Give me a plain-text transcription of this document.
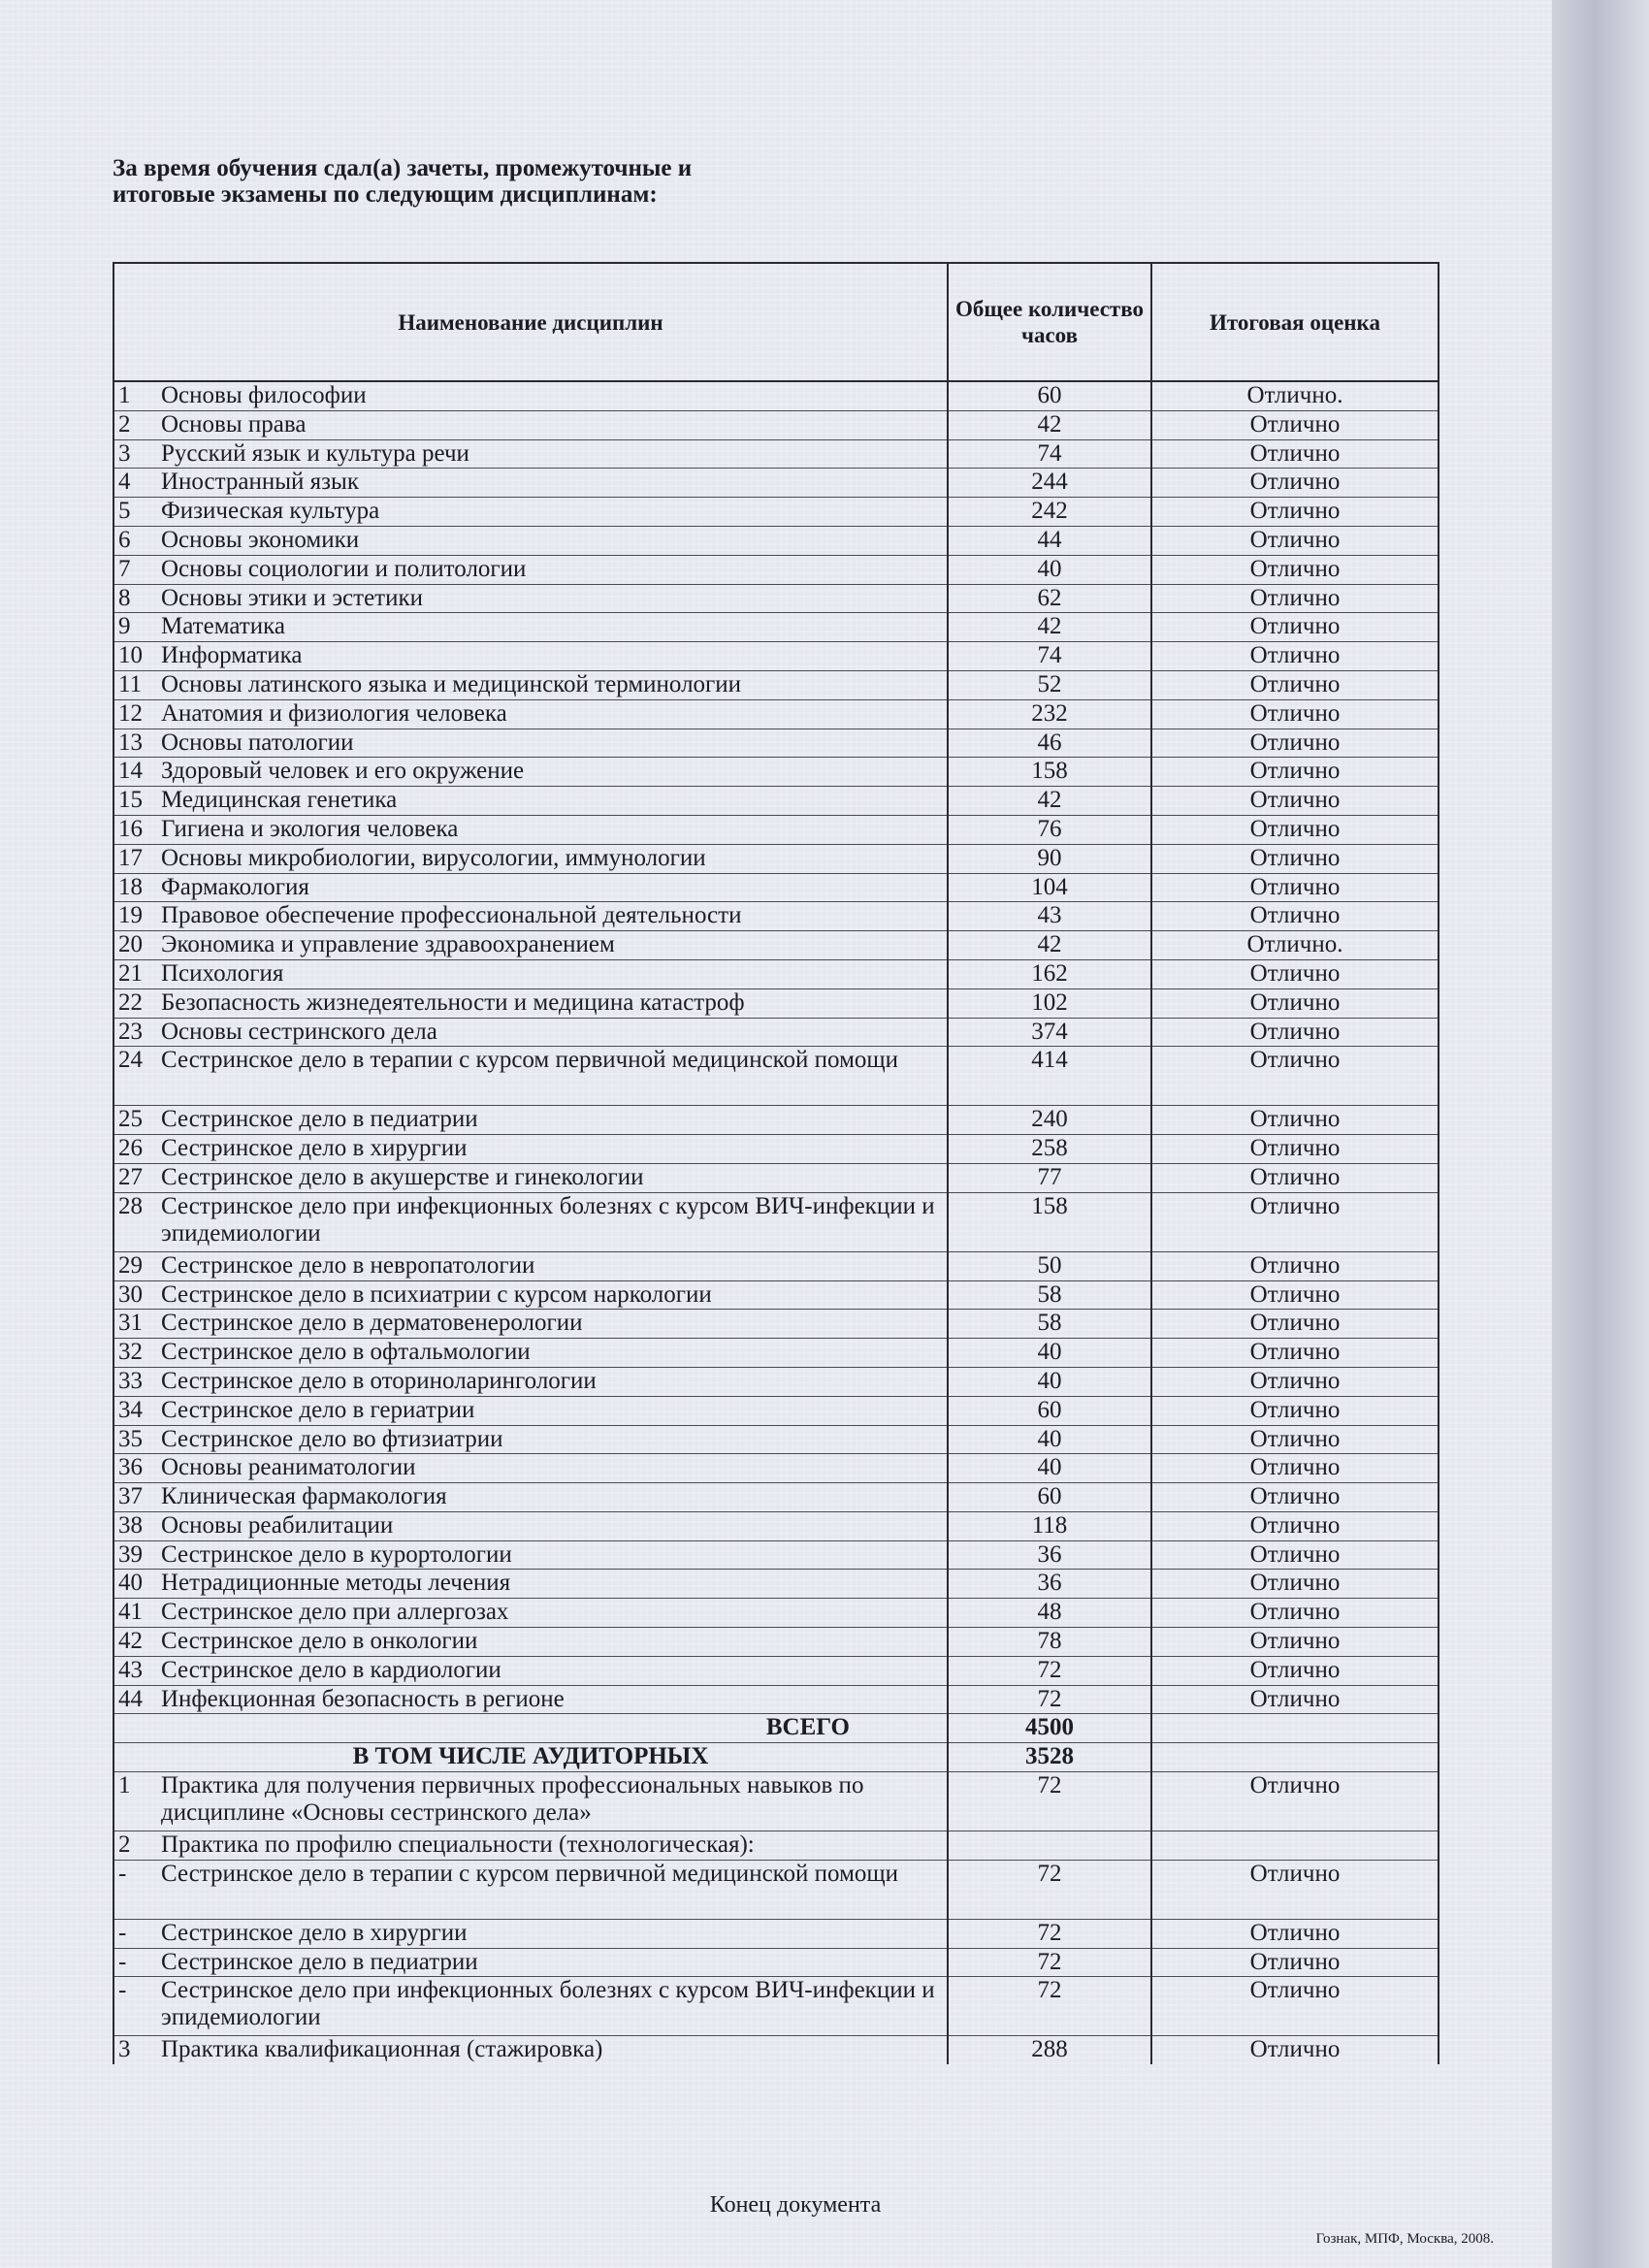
За время обучения сдал(а) зачеты, промежуточные и
итоговые экзамены по следующим дисциплинам:
Наименование дисциплин	Общее количество часов	Итоговая оценка

1 Основы философии	60	Отлично.

2 Основы права	42	Отлично

3 Русский язык и культура речи	74	Отлично

4 Иностранный язык	244	Отлично

5 Физическая культура	242	Отлично

6 Основы экономики	44	Отлично

7 Основы социологии и политологии	40	Отлично

8 Основы этики и эстетики	62	Отлично

9 Математика	42	Отлично

10 Информатика	74	Отлично

11 Основы латинского языка и медицинской терминологии	52	Отлично

12 Анатомия и физиология человека	232	Отлично

13 Основы патологии	46	Отлично

14 Здоровый человек и его окружение	158	Отлично

15 Медицинская генетика	42	Отлично

16 Гигиена и экология человека	76	Отлично

17 Основы микробиологии, вирусологии, иммунологии	90	Отлично

18 Фармакология	104	Отлично

19 Правовое обеспечение профессиональной деятельности	43	Отлично

20 Экономика и управление здравоохранением	42	Отлично.

21 Психология	162	Отлично

22 Безопасность жизнедеятельности и медицина катастроф	102	Отлично

23 Основы сестринского дела	374	Отлично

24 Сестринское дело в терапии с курсом первичной медицинской помощи	414	Отлично

25 Сестринское дело в педиатрии	240	Отлично

26 Сестринское дело в хирургии	258	Отлично

27 Сестринское дело в акушерстве и гинекологии	77	Отлично

28 Сестринское дело при инфекционных болезнях с курсом ВИЧ-инфекции и эпидемиологии	158	Отлично

29 Сестринское дело в невропатологии	50	Отлично

30 Сестринское дело в психиатрии с курсом наркологии	58	Отлично

31 Сестринское дело в дерматовенерологии	58	Отлично

32 Сестринское дело в офтальмологии	40	Отлично

33 Сестринское дело в оториноларингологии	40	Отлично

34 Сестринское дело в гериатрии	60	Отлично

35 Сестринское дело во фтизиатрии	40	Отлично

36 Основы реаниматологии	40	Отлично

37 Клиническая фармакология	60	Отлично

38 Основы реабилитации	118	Отлично

39 Сестринское дело в курортологии	36	Отлично

40 Нетрадиционные методы лечения	36	Отлично

41 Сестринское дело при аллергозах	48	Отлично

42 Сестринское дело в онкологии	78	Отлично

43 Сестринское дело в кардиологии	72	Отлично

44 Инфекционная безопасность в регионе	72	Отлично
ВСЕГО	4500	
В ТОМ ЧИСЛЕ АУДИТОРНЫХ	3528	

1 Практика для получения первичных профессиональных навыков по дисциплине «Основы сестринского дела»	72	Отлично

2 Практика по профилю специальности (технологическая):		

- Сестринское дело в терапии с курсом первичной медицинской помощи	72	Отлично

- Сестринское дело в хирургии	72	Отлично

- Сестринское дело в педиатрии	72	Отлично

- Сестринское дело при инфекционных болезнях с курсом ВИЧ-инфекции и эпидемиологии	72	Отлично

3 Практика квалификационная (стажировка)	288	Отлично
Конец документа
Гознак, МПФ, Москва, 2008.
